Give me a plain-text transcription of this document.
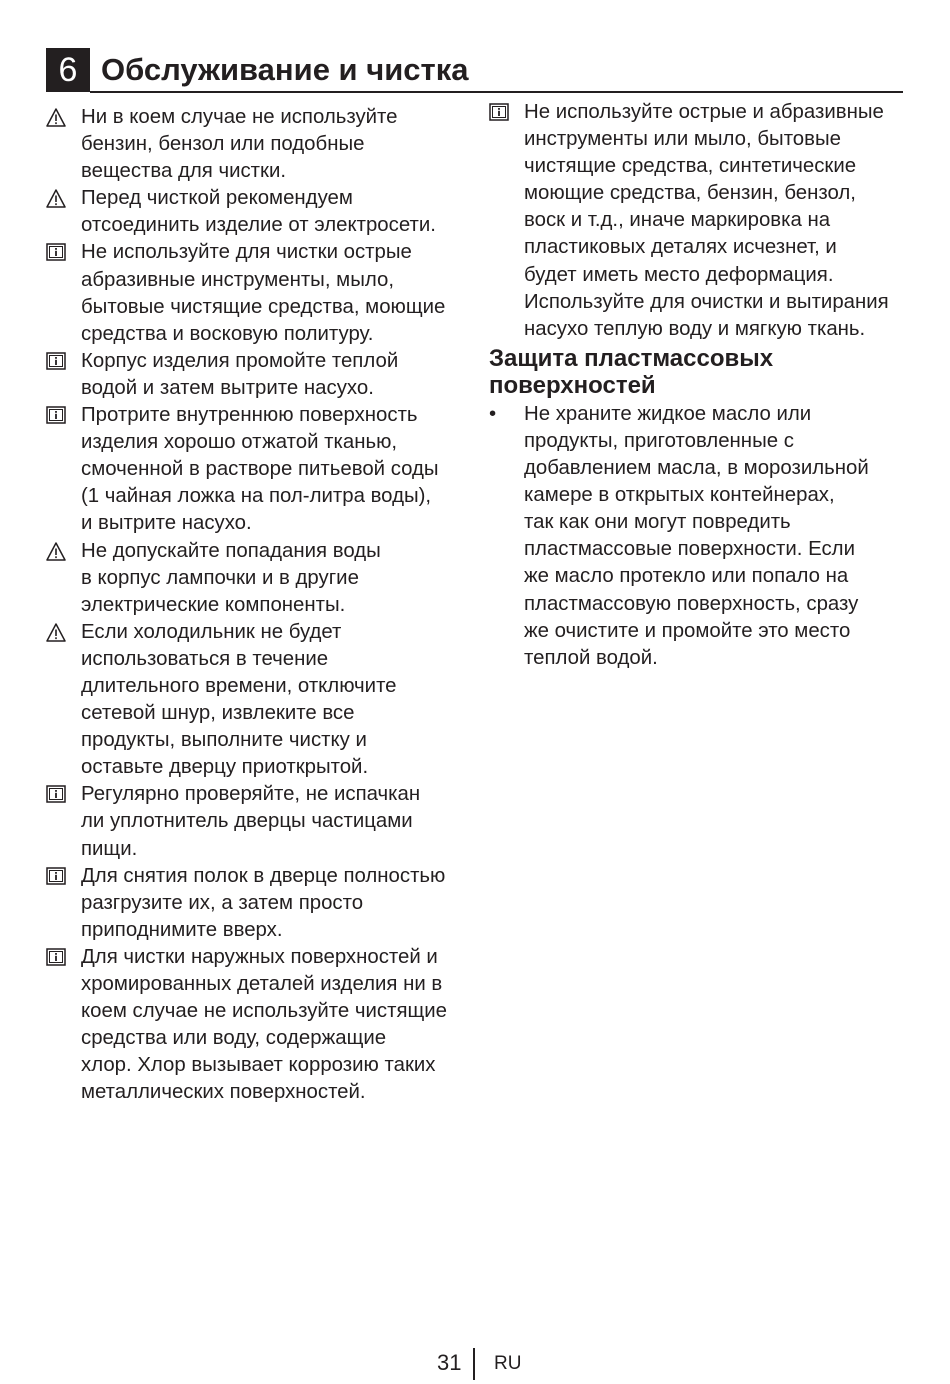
6 Обслуживание и чистка
Ни в коем случае не используйте
бензин, бензол или подобные
вещества для чистки.
Перед чисткой рекомендуем
отсоединить изделие от электросети.
Не используйте для чистки острые
абразивные инструменты, мыло,
бытовые чистящие средства, моющие
средства и восковую политуру.
Корпус изделия промойте теплой
водой и затем вытрите насухо.
Протрите внутреннюю поверхность
изделия хорошо отжатой тканью,
смоченной в растворе питьевой соды
(1 чайная ложка на пол-литра воды),
и вытрите насухо.
Не допускайте попадания воды
в корпус лампочки и в другие
электрические компоненты.
Если холодильник не будет
использоваться в течение
длительного времени, отключите
сетевой шнур, извлеките все
продукты, выполните чистку и
оставьте дверцу приоткрытой.
Регулярно проверяйте, не испачкан
ли уплотнитель дверцы частицами
пищи.
Для снятия полок в дверце полностью
разгрузите их, а затем просто
приподнимите вверх.
Для чистки наружных поверхностей и
хромированных деталей изделия ни в
коем случае не используйте чистящие
средства или воду, содержащие
хлор. Хлор вызывает коррозию таких
металлических поверхностей.
Не используйте острые и абразивные
инструменты или мыло, бытовые
чистящие средства, синтетические
моющие средства, бензин, бензол,
воск и т.д., иначе маркировка на
пластиковых деталях исчезнет, и
будет иметь место деформация.
Используйте для очистки и вытирания
насухо теплую воду и мягкую ткань.
Защита пластмассовых
поверхностей
• Не храните жидкое масло или
продукты, приготовленные с
добавлением масла, в морозильной
камере в открытых контейнерах,
так как они могут повредить
пластмассовые поверхности. Если
же масло протекло или попало на
пластмассовую поверхность, сразу
же очистите и промойте это место
теплой водой.
31 RU
